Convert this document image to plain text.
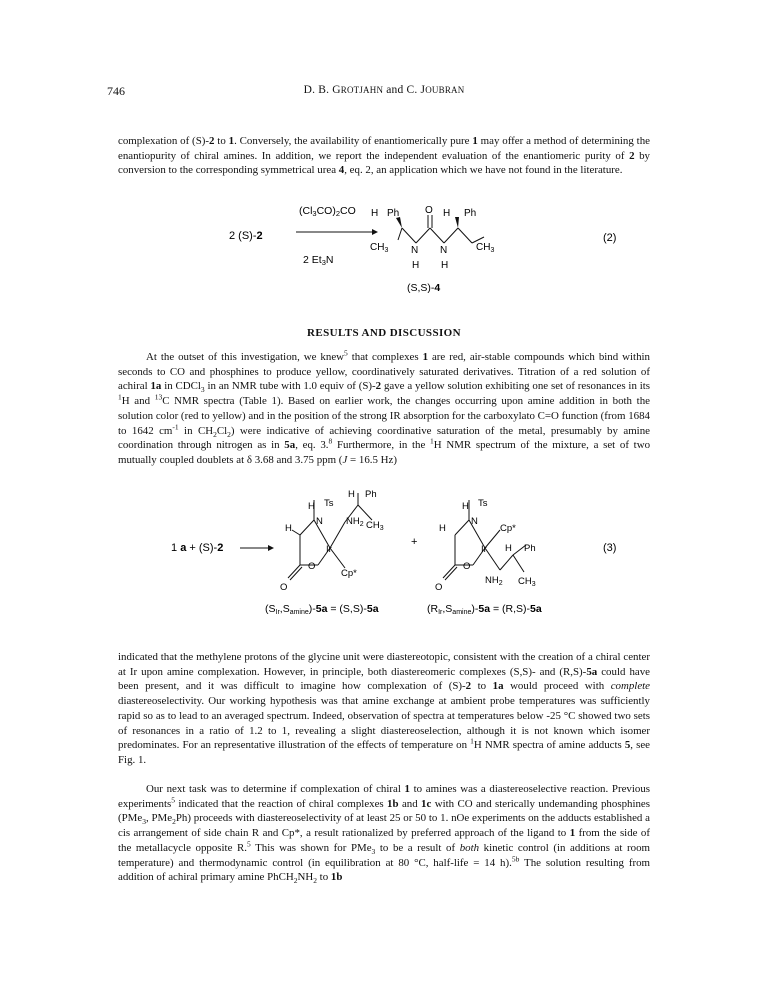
746	D. B. GROTJAHN and C. JOUBRAN
complexation of (S)-2 to 1. Conversely, the availability of enantiomerically pure 1 may offer a method of determining the enantiopurity of chiral amines. In addition, we report the independent evaluation of the enantiomeric purity of 2 by conversion to the corresponding symmetrical urea 4, eq. 2, an application which we have not found in the literature.
2 (S)-2
(Cl3CO)2CO
2 Et3N
H Ph	O H Ph
$CH_3$ N N	$CH_3$
H H
(S,S)-4
(2)
RESULTS AND DISCUSSION
At the outset of this investigation, we knew$^5$ that complexes 1 are red, air-stable compounds which bind within seconds to CO and phosphines to produce yellow, coordinatively saturated derivatives. Titration of a red solution of achiral 1a in CDCl$_3$ in an NMR tube with 1.0 equiv of (S)-2 gave a yellow solution exhibiting one set of resonances in its $^1$H and $^{13}$C NMR spectra (Table 1). Based on earlier work, the changes occurring upon amine addition in both the solution color (red to yellow) and in the position of the strong IR absorption for the carboxylato C=O function (from 1684 to 1642 $cm^{-1}$ in $CH_2Cl_2$) were indicative of achieving coordinative saturation of the metal, presumably by amine coordination through nitrogen as in 5a, eq. 3.$^8$ Furthermore, in the $^1$H NMR spectrum of the mixture, a set of two mutually coupled doublets at δ 3.68 and 3.75 ppm (J = 16.5 Hz)
1 a + (S)-2
H Ts
H
N $NH_2$ $CH_3$
H Ph
Ir
O
O
Cp*
+
H Ts
H
N
Cp*
Ir H Ph
O
O
$NH_2$ $CH_3$
(3)
(SIr,Samine)-5a = (S,S)-5a	(RIr,Samine)-5a = (R,S)-5a
indicated that the methylene protons of the glycine unit were diastereotopic, consistent with the creation of a chiral center at Ir upon amine complexation. However, in principle, both diastereomeric complexes (S,S)- and (R,S)-5a could have been present, and it was difficult to imagine how complexation of (S)-2 to 1a would proceed with complete diastereoselectivity. Our working hypothesis was that amine exchange at ambient probe temperatures was sufficiently rapid so as to lead to an averaged spectrum. Indeed, observation of spectra at temperatures below -25 °C showed two sets of resonances in a ratio of 1.2 to 1, revealing a slight diastereoselection, although it is not known which isomer predominates. For an representative illustration of the effects of temperature on $^1$H NMR spectra of amine adducts 5, see Fig. 1.
Our next task was to determine if complexation of chiral 1 to amines was a diastereoselective reaction. Previous experiments$^5$ indicated that the reaction of chiral complexes 1b and 1c with CO and sterically undemanding phosphines (PMe$_3$, PMe$_2$Ph) proceeds with diastereoselectivity of at least 25 or 50 to 1. nOe experiments on the adducts established a cis arrangement of side chain R and Cp*, a result rationalized by preferred approach of the ligand to 1 from the side of the metallacycle opposite R.$^5$ This was shown for PMe$_3$ to be a result of both kinetic control (in additions at room temperature) and thermodynamic control (in equilibration at 80 °C, half-life = 14 h).$^{5b}$ The solution resulting from addition of achiral primary amine $PhCH_2NH_2$ to 1b
